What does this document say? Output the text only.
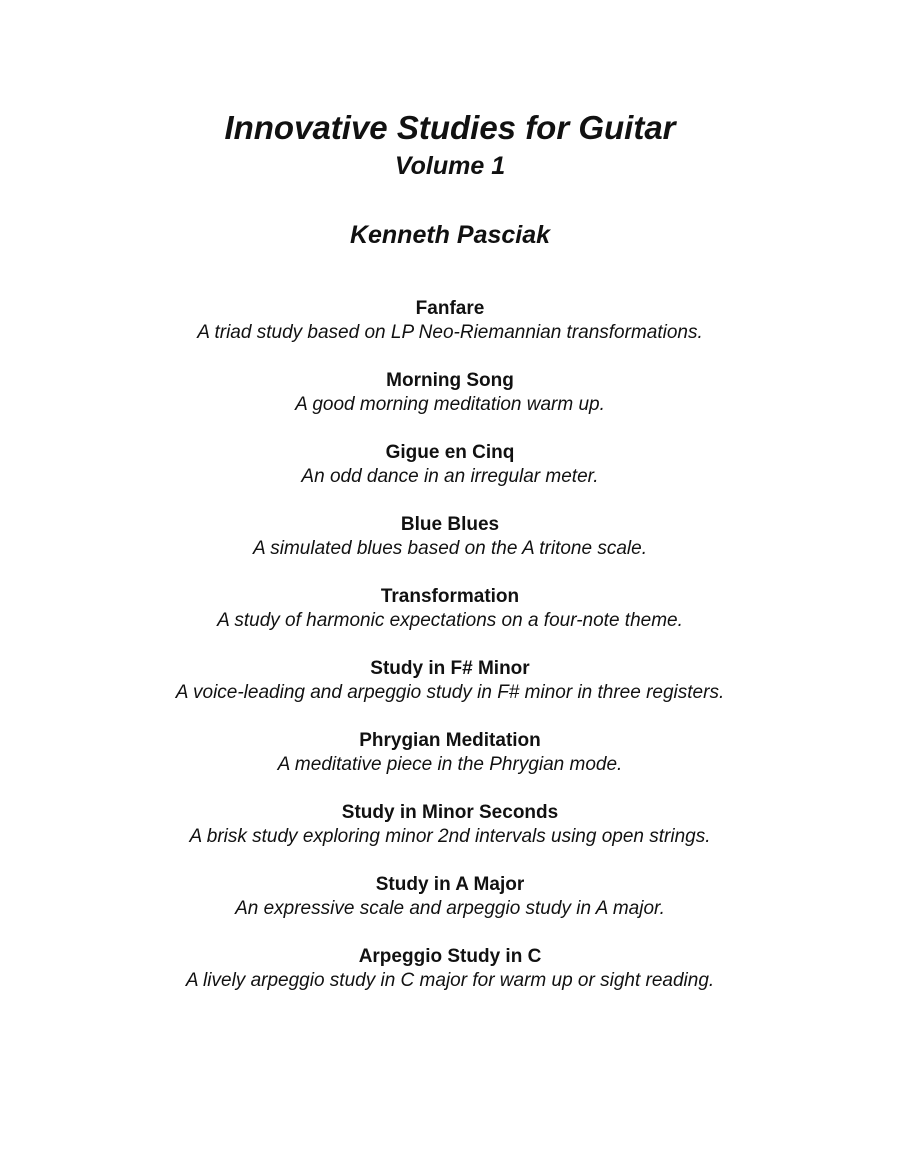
Innovative Studies for Guitar
Volume 1
Kenneth Pasciak
Fanfare
A triad study based on LP Neo-Riemannian transformations.
Morning Song
A good morning meditation warm up.
Gigue en Cinq
An odd dance in an irregular meter.
Blue Blues
A simulated blues based on the A tritone scale.
Transformation
A study of harmonic expectations on a four-note theme.
Study in F# Minor
A voice-leading and arpeggio study in F# minor in three registers.
Phrygian Meditation
A meditative piece in the Phrygian mode.
Study in Minor Seconds
A brisk study exploring minor 2nd intervals using open strings.
Study in A Major
An expressive scale and arpeggio study in A major.
Arpeggio Study in C
A lively arpeggio study in C major for warm up or sight reading.
